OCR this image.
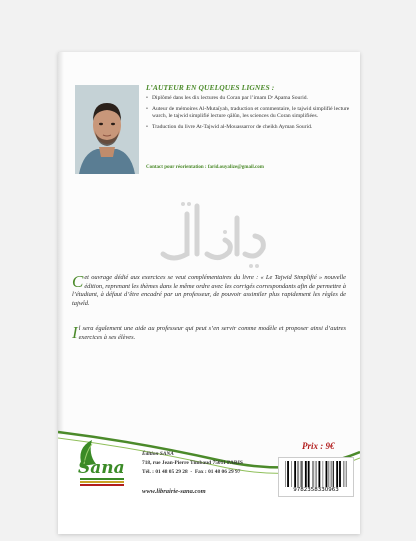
L’AUTEUR EN QUELQUES LIGNES :
• Diplômé dans les dix lectures du Coran par l’imam Dʳ Apama Sourid.
• Auteur de mémoires Al-Mutaïyah, traduction et commentaire, le tajwid simplifié lecture warch, le tajwid simplifié lecture qâlûn, les sciences du Coran simplifiées.
• Traduction du livre At-Tajwid al-Mouassarror de cheikh Ayman Sourid.
Contact pour réorientation : farid.ouyalize@gmail.com
Cet ouvrage dédié aux exercices se veut complémentaires du livre : « Le Tajwid Simplifié » nouvelle édition, reprenant les thèmes dans le même ordre avec les corrigés correspondants afin de permettre à l’étudiant, à défaut d’être encadré par un professeur, de pouvoir assimiler plus rapidement les règles de tajwîd.
Il sera également une aide au professeur qui peut s’en servir comme modèle et proposer ainsi d’autres exercices à ses élèves.
Sana
Édition SANA
718, rue Jean-Pierre Timbaud 75011 PARIS
Tél. : 01 48 05 29 28  -  Fax : 01 48 06 29 97
www.librairie-sana.com
Prix : 9€
9782358330963
